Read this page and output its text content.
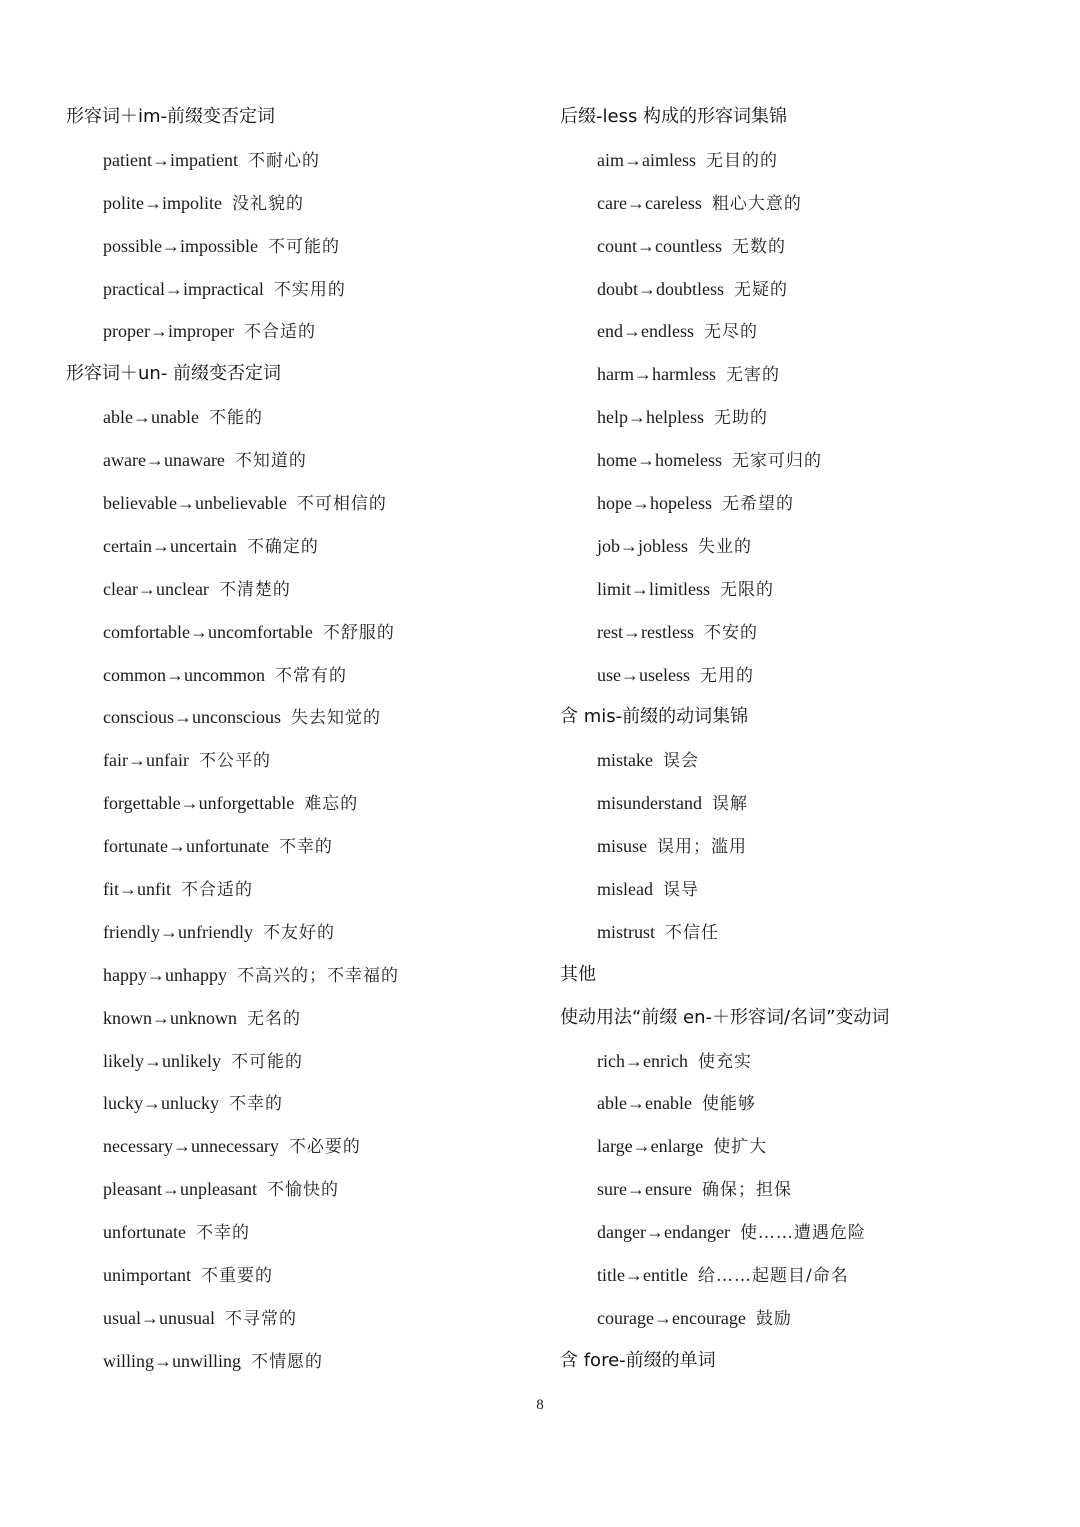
形容词＋im-前缀变否定词
patient→impatient 不耐心的
polite→impolite 没礼貌的
possible→impossible 不可能的
practical→impractical 不实用的
proper→improper 不合适的
形容词＋un- 前缀变否定词
able→unable 不能的
aware→unaware 不知道的
believable→unbelievable 不可相信的
certain→uncertain 不确定的
clear→unclear 不清楚的
comfortable→uncomfortable 不舒服的
common→uncommon 不常有的
conscious→unconscious 失去知觉的
fair→unfair 不公平的
forgettable→unforgettable 难忘的
fortunate→unfortunate 不幸的
fit→unfit 不合适的
friendly→unfriendly 不友好的
happy→unhappy 不高兴的；不幸福的
known→unknown 无名的
likely→unlikely 不可能的
lucky→unlucky 不幸的
necessary→unnecessary 不必要的
pleasant→unpleasant 不愉快的
unfortunate 不幸的
unimportant 不重要的
usual→unusual 不寻常的
willing→unwilling 不情愿的
后缀-less 构成的形容词集锦
aim→aimless 无目的的
care→careless 粗心大意的
count→countless 无数的
doubt→doubtless 无疑的
end→endless 无尽的
harm→harmless 无害的
help→helpless 无助的
home→homeless 无家可归的
hope→hopeless 无希望的
job→jobless 失业的
limit→limitless 无限的
rest→restless 不安的
use→useless 无用的
含 mis-前缀的动词集锦
mistake 误会
misunderstand 误解
misuse 误用；滥用
mislead 误导
mistrust 不信任
其他
使动用法“前缀 en-＋形容词/名词”变动词
rich→enrich 使充实
able→enable 使能够
large→enlarge 使扩大
sure→ensure 确保；担保
danger→endanger 使……遭遇危险
title→entitle 给……起题目/命名
courage→encourage 鼓励
含 fore-前缀的单词
8
